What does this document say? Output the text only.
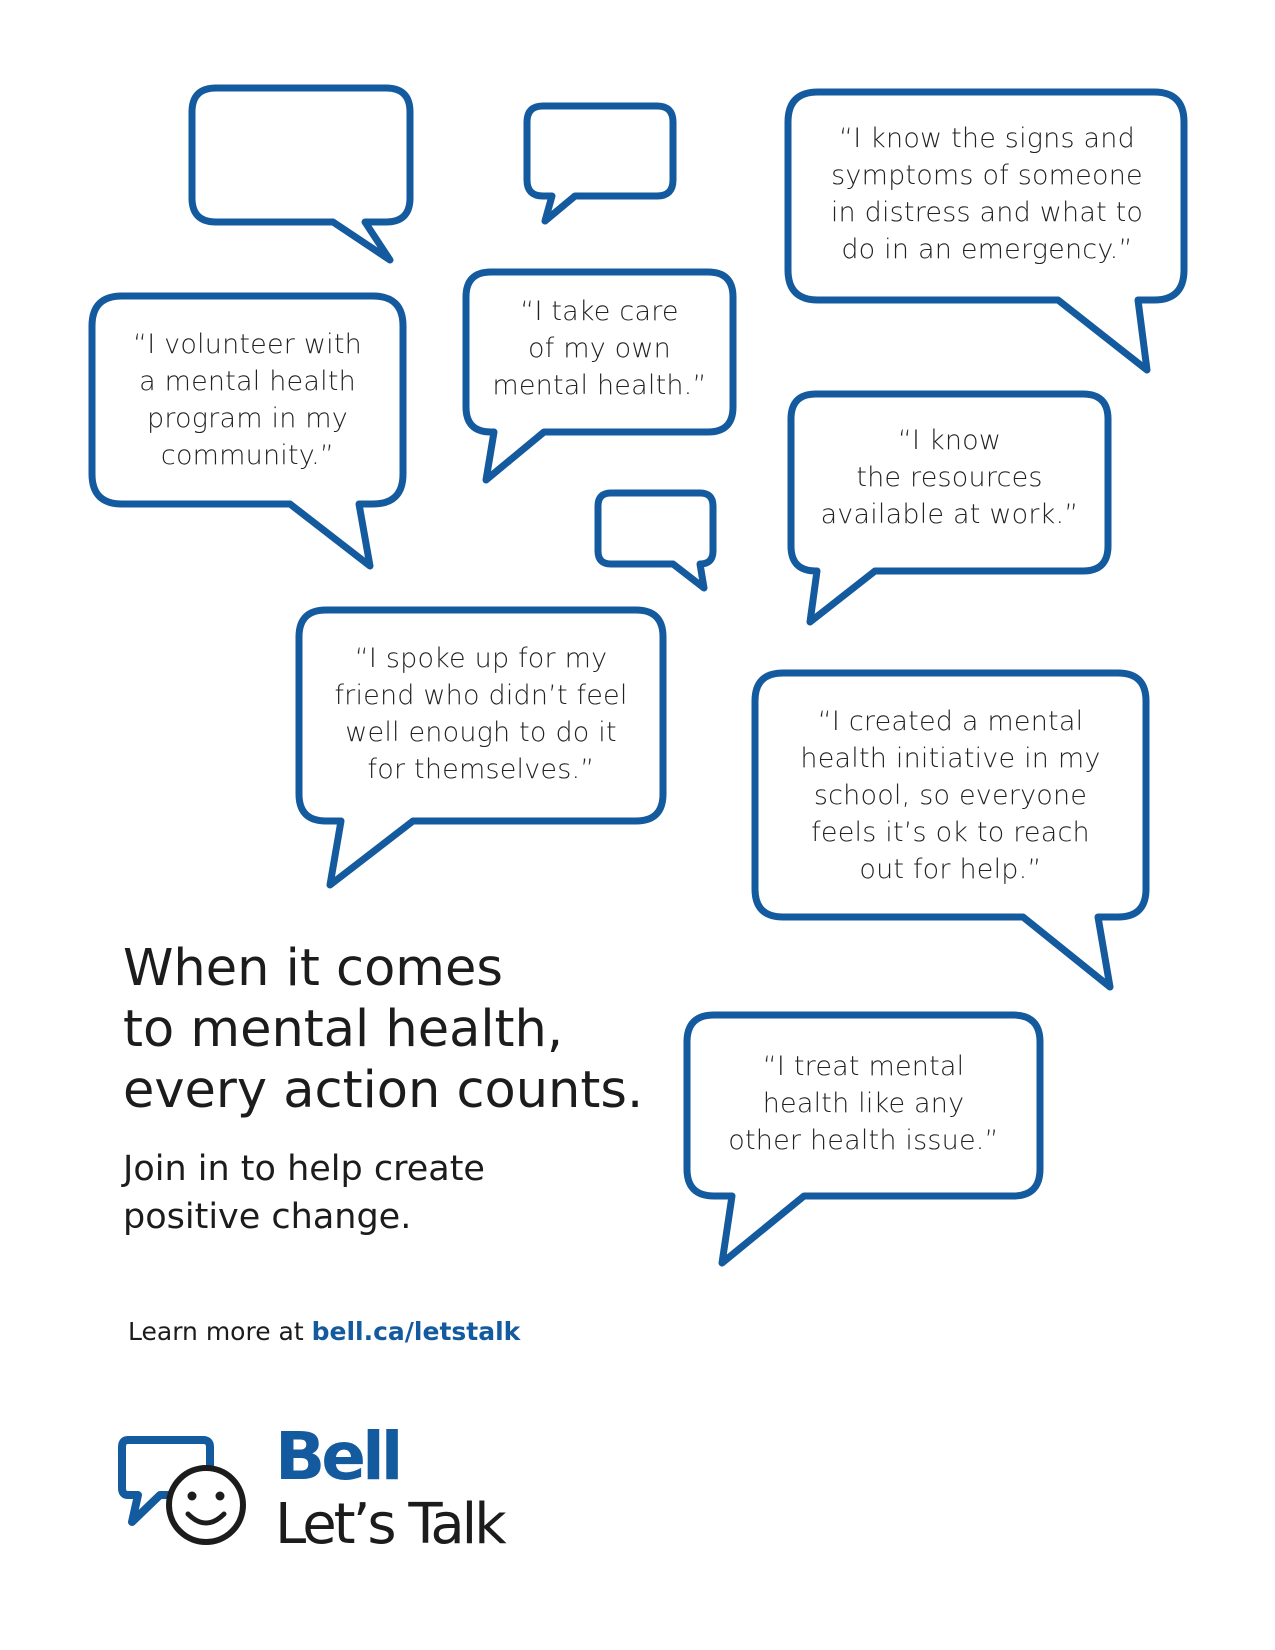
“I know the signs and
symptoms of someone
in distress and what to
do in an emergency.”
“I volunteer with
a mental health
program in my
community.”
“I take care
of my own
mental health.”
“I know
the resources
available at work.”
“I spoke up for my
friend who didn’t feel
well enough to do it
for themselves.”
“I created a mental
health initiative in my
school, so everyone
feels it’s ok to reach
out for help.”
“I treat mental
health like any
other health issue.”
When it comes
to mental health,
every action counts.
Join in to help create
positive change.
Learn more at bell.ca/letstalk
Bell
Let’s Talk
